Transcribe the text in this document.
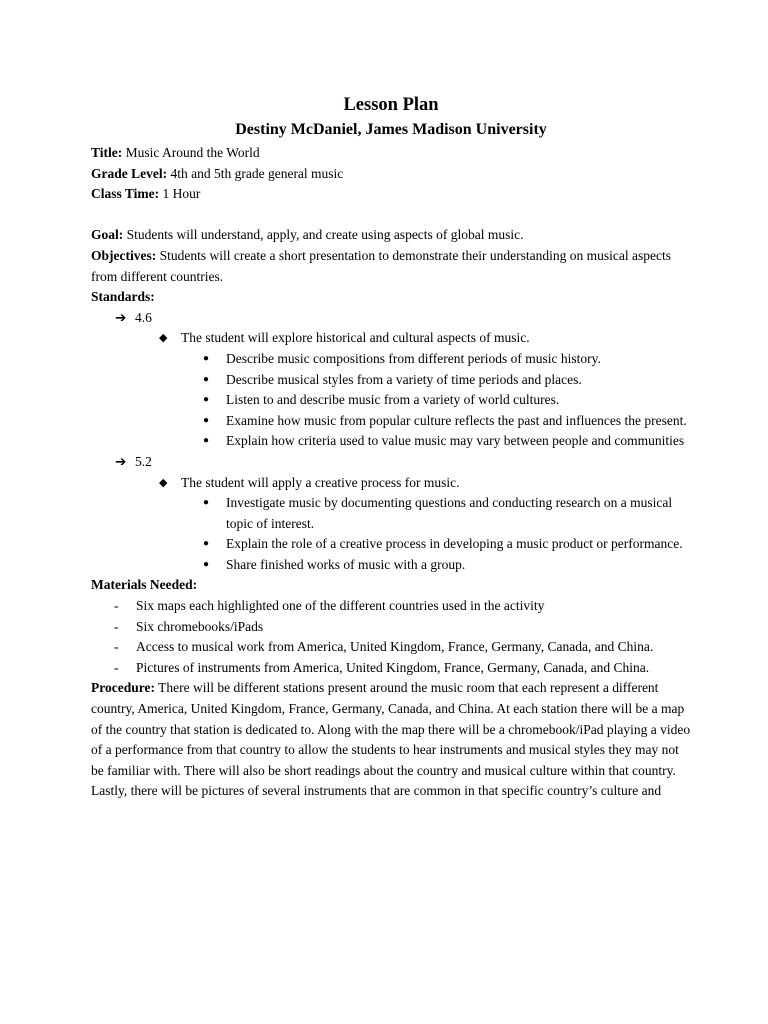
Lesson Plan
Destiny McDaniel, James Madison University

Title: Music Around the World

Grade Level: 4th and 5th grade general music

Class Time: 1 Hour

Goal: Students will understand, apply, and create using aspects of global music.

Objectives: Students will create a short presentation to demonstrate their understanding on musical aspects from different countries.

Standards:

➔ 4.6
◆ The student will explore historical and cultural aspects of music.
● Describe music compositions from different periods of music history.
● Describe musical styles from a variety of time periods and places.
● Listen to and describe music from a variety of world cultures.
● Examine how music from popular culture reflects the past and influences the present.
● Explain how criteria used to value music may vary between people and communities
➔ 5.2
◆ The student will apply a creative process for music.
● Investigate music by documenting questions and conducting research on a musical topic of interest.
● Explain the role of a creative process in developing a music product or performance.
● Share finished works of music with a group.

Materials Needed:

- Six maps each highlighted one of the different countries used in the activity
- Six chromebooks/iPads
- Access to musical work from America, United Kingdom, France, Germany, Canada, and China.
- Pictures of instruments from America, United Kingdom, France, Germany, Canada, and China.

Procedure: There will be different stations present around the music room that each represent a different country, America, United Kingdom, France, Germany, Canada, and China. At each station there will be a map of the country that station is dedicated to. Along with the map there will be a chromebook/iPad playing a video of a performance from that country to allow the students to hear instruments and musical styles they may not be familiar with. There will also be short readings about the country and musical culture within that country. Lastly, there will be pictures of several instruments that are common in that specific country’s culture and
